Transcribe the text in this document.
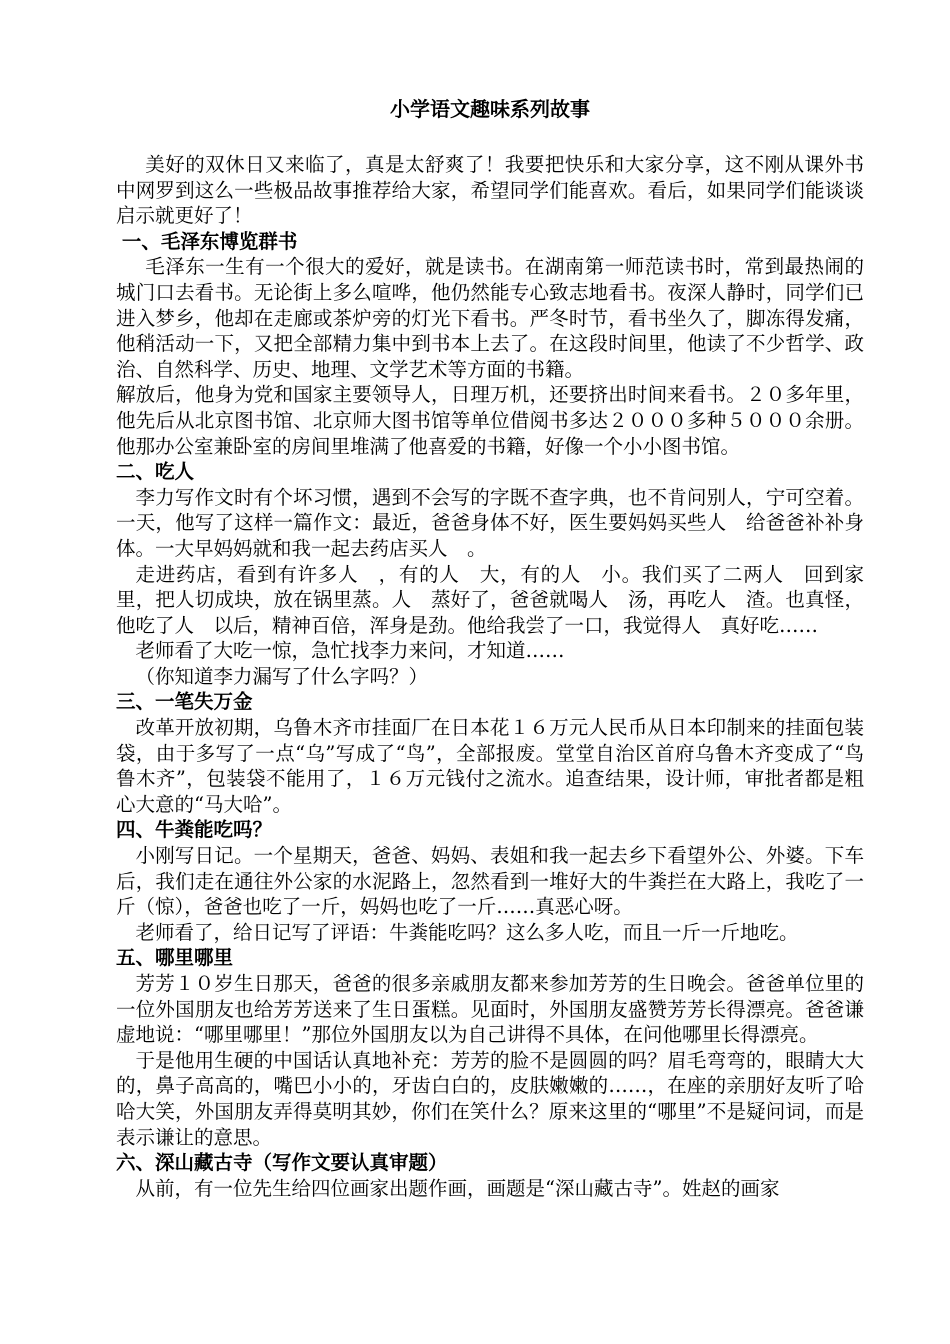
小学语文趣味系列故事

美好的双休日又来临了，真是太舒爽了！我要把快乐和大家分享，这不刚从课外书中网罗到这么一些极品故事推荐给大家，希望同学们能喜欢。看后，如果同学们能谈谈启示就更好了！

一、毛泽东博览群书

毛泽东一生有一个很大的爱好，就是读书。在湖南第一师范读书时，常到最热闹的城门口去看书。无论街上多么喧哗，他仍然能专心致志地看书。夜深人静时，同学们已进入梦乡，他却在走廊或茶炉旁的灯光下看书。严冬时节，看书坐久了，脚冻得发痛，他稍活动一下，又把全部精力集中到书本上去了。在这段时间里，他读了不少哲学、政治、自然科学、历史、地理、文学艺术等方面的书籍。

解放后，他身为党和国家主要领导人，日理万机，还要挤出时间来看书。２０多年里，他先后从北京图书馆、北京师大图书馆等单位借阅书多达２０００多种５０００余册。他那办公室兼卧室的房间里堆满了他喜爱的书籍，好像一个小小图书馆。

二、吃人

李力写作文时有个坏习惯，遇到不会写的字既不查字典，也不肯问别人，宁可空着。一天，他写了这样一篇作文：最近，爸爸身体不好，医生要妈妈买些人　给爸爸补补身体。一大早妈妈就和我一起去药店买人　。

走进药店，看到有许多人　，有的人　大，有的人　小。我们买了二两人　回到家里，把人切成块，放在锅里蒸。人　蒸好了，爸爸就喝人　汤，再吃人　渣。也真怪，他吃了人　以后，精神百倍，浑身是劲。他给我尝了一口，我觉得人　真好吃……

老师看了大吃一惊，急忙找李力来问，才知道……

（你知道李力漏写了什么字吗？）

三、一笔失万金

改革开放初期，乌鲁木齐市挂面厂在日本花１６万元人民币从日本印制来的挂面包装袋，由于多写了一点“乌”写成了“鸟”，全部报废。堂堂自治区首府乌鲁木齐变成了“鸟鲁木齐”，包装袋不能用了，１６万元钱付之流水。追查结果，设计师，审批者都是粗心大意的“马大哈”。

四、牛粪能吃吗？

小刚写日记。一个星期天，爸爸、妈妈、表姐和我一起去乡下看望外公、外婆。下车后，我们走在通往外公家的水泥路上，忽然看到一堆好大的牛粪拦在大路上，我吃了一斤（惊），爸爸也吃了一斤，妈妈也吃了一斤……真恶心呀。

老师看了，给日记写了评语：牛粪能吃吗？这么多人吃，而且一斤一斤地吃。

五、哪里哪里

芳芳１０岁生日那天，爸爸的很多亲戚朋友都来参加芳芳的生日晚会。爸爸单位里的一位外国朋友也给芳芳送来了生日蛋糕。见面时，外国朋友盛赞芳芳长得漂亮。爸爸谦虚地说：“哪里哪里！”那位外国朋友以为自己讲得不具体，在问他哪里长得漂亮。

于是他用生硬的中国话认真地补充：芳芳的脸不是圆圆的吗？眉毛弯弯的，眼睛大大的，鼻子高高的，嘴巴小小的，牙齿白白的，皮肤嫩嫩的……，在座的亲朋好友听了哈哈大笑，外国朋友弄得莫明其妙，你们在笑什么？原来这里的“哪里”不是疑问词，而是表示谦让的意思。

六、深山藏古寺（写作文要认真审题）

从前，有一位先生给四位画家出题作画，画题是“深山藏古寺”。姓赵的画家
